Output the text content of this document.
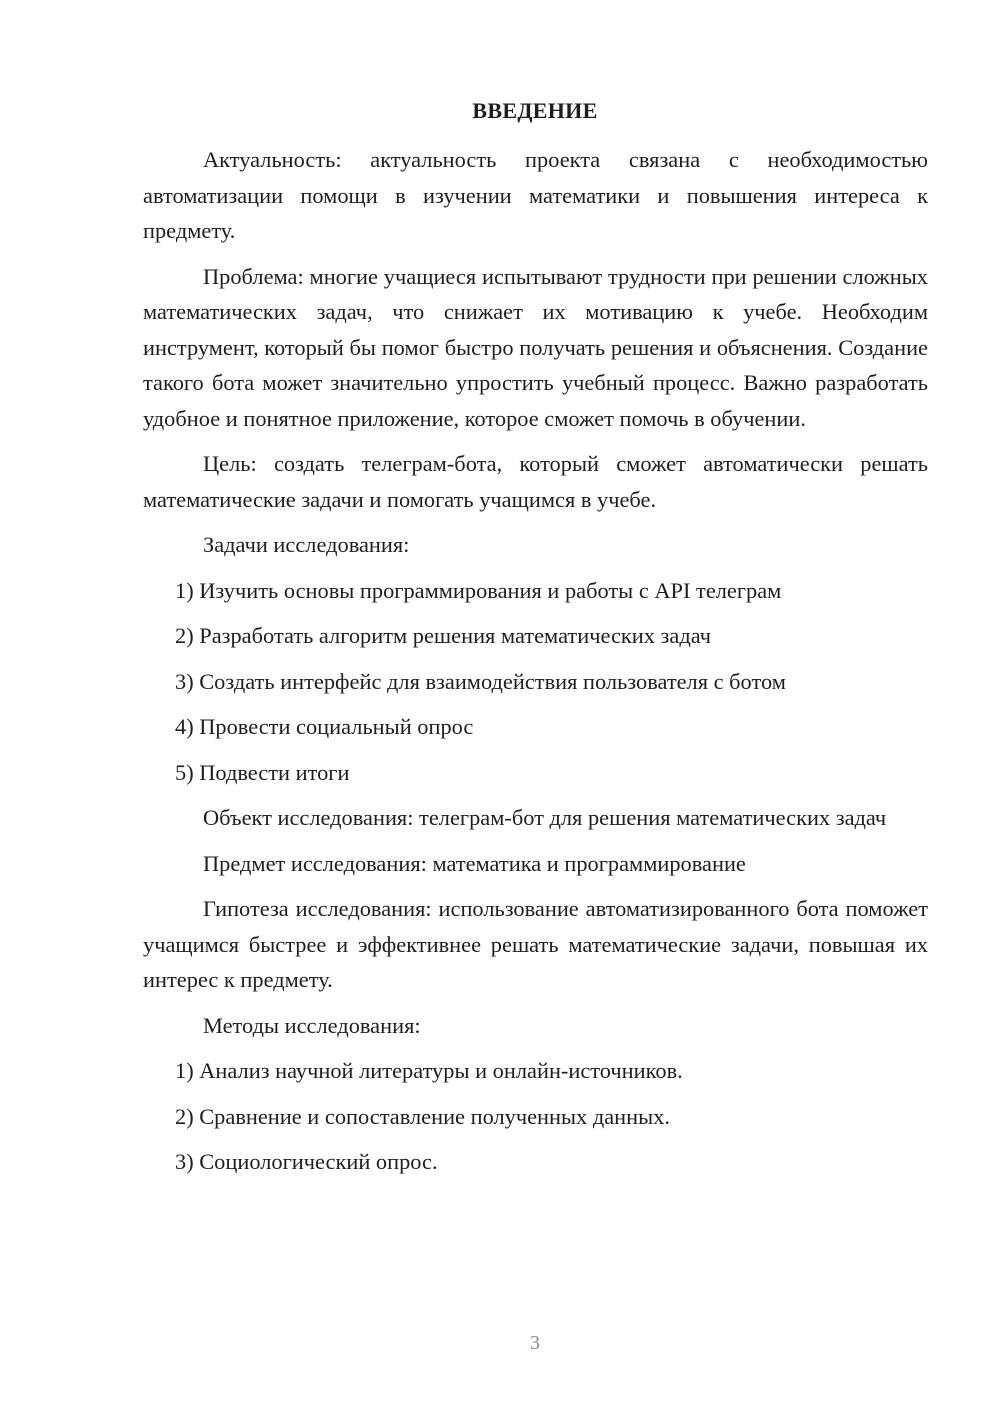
ВВЕДЕНИЕ

Актуальность: актуальность проекта связана с необходимостью автоматизации помощи в изучении математики и повышения интереса к предмету.

Проблема: многие учащиеся испытывают трудности при решении сложных математических задач, что снижает их мотивацию к учебе. Необходим инструмент, который бы помог быстро получать решения и объяснения. Создание такого бота может значительно упростить учебный процесс. Важно разработать удобное и понятное приложение, которое сможет помочь в обучении.

Цель: создать телеграм-бота, который сможет автоматически решать математические задачи и помогать учащимся в учебе.

Задачи исследования:

1) Изучить основы программирования и работы с API телеграм

2) Разработать алгоритм решения математических задач

3) Создать интерфейс для взаимодействия пользователя с ботом

4) Провести социальный опрос

5) Подвести итоги

Объект исследования: телеграм-бот для решения математических задач

Предмет исследования: математика и программирование

Гипотеза исследования: использование автоматизированного бота поможет учащимся быстрее и эффективнее решать математические задачи, повышая их интерес к предмету.

Методы исследования:

1) Анализ научной литературы и онлайн-источников.

2) Сравнение и сопоставление полученных данных.

3) Социологический опрос.

3
